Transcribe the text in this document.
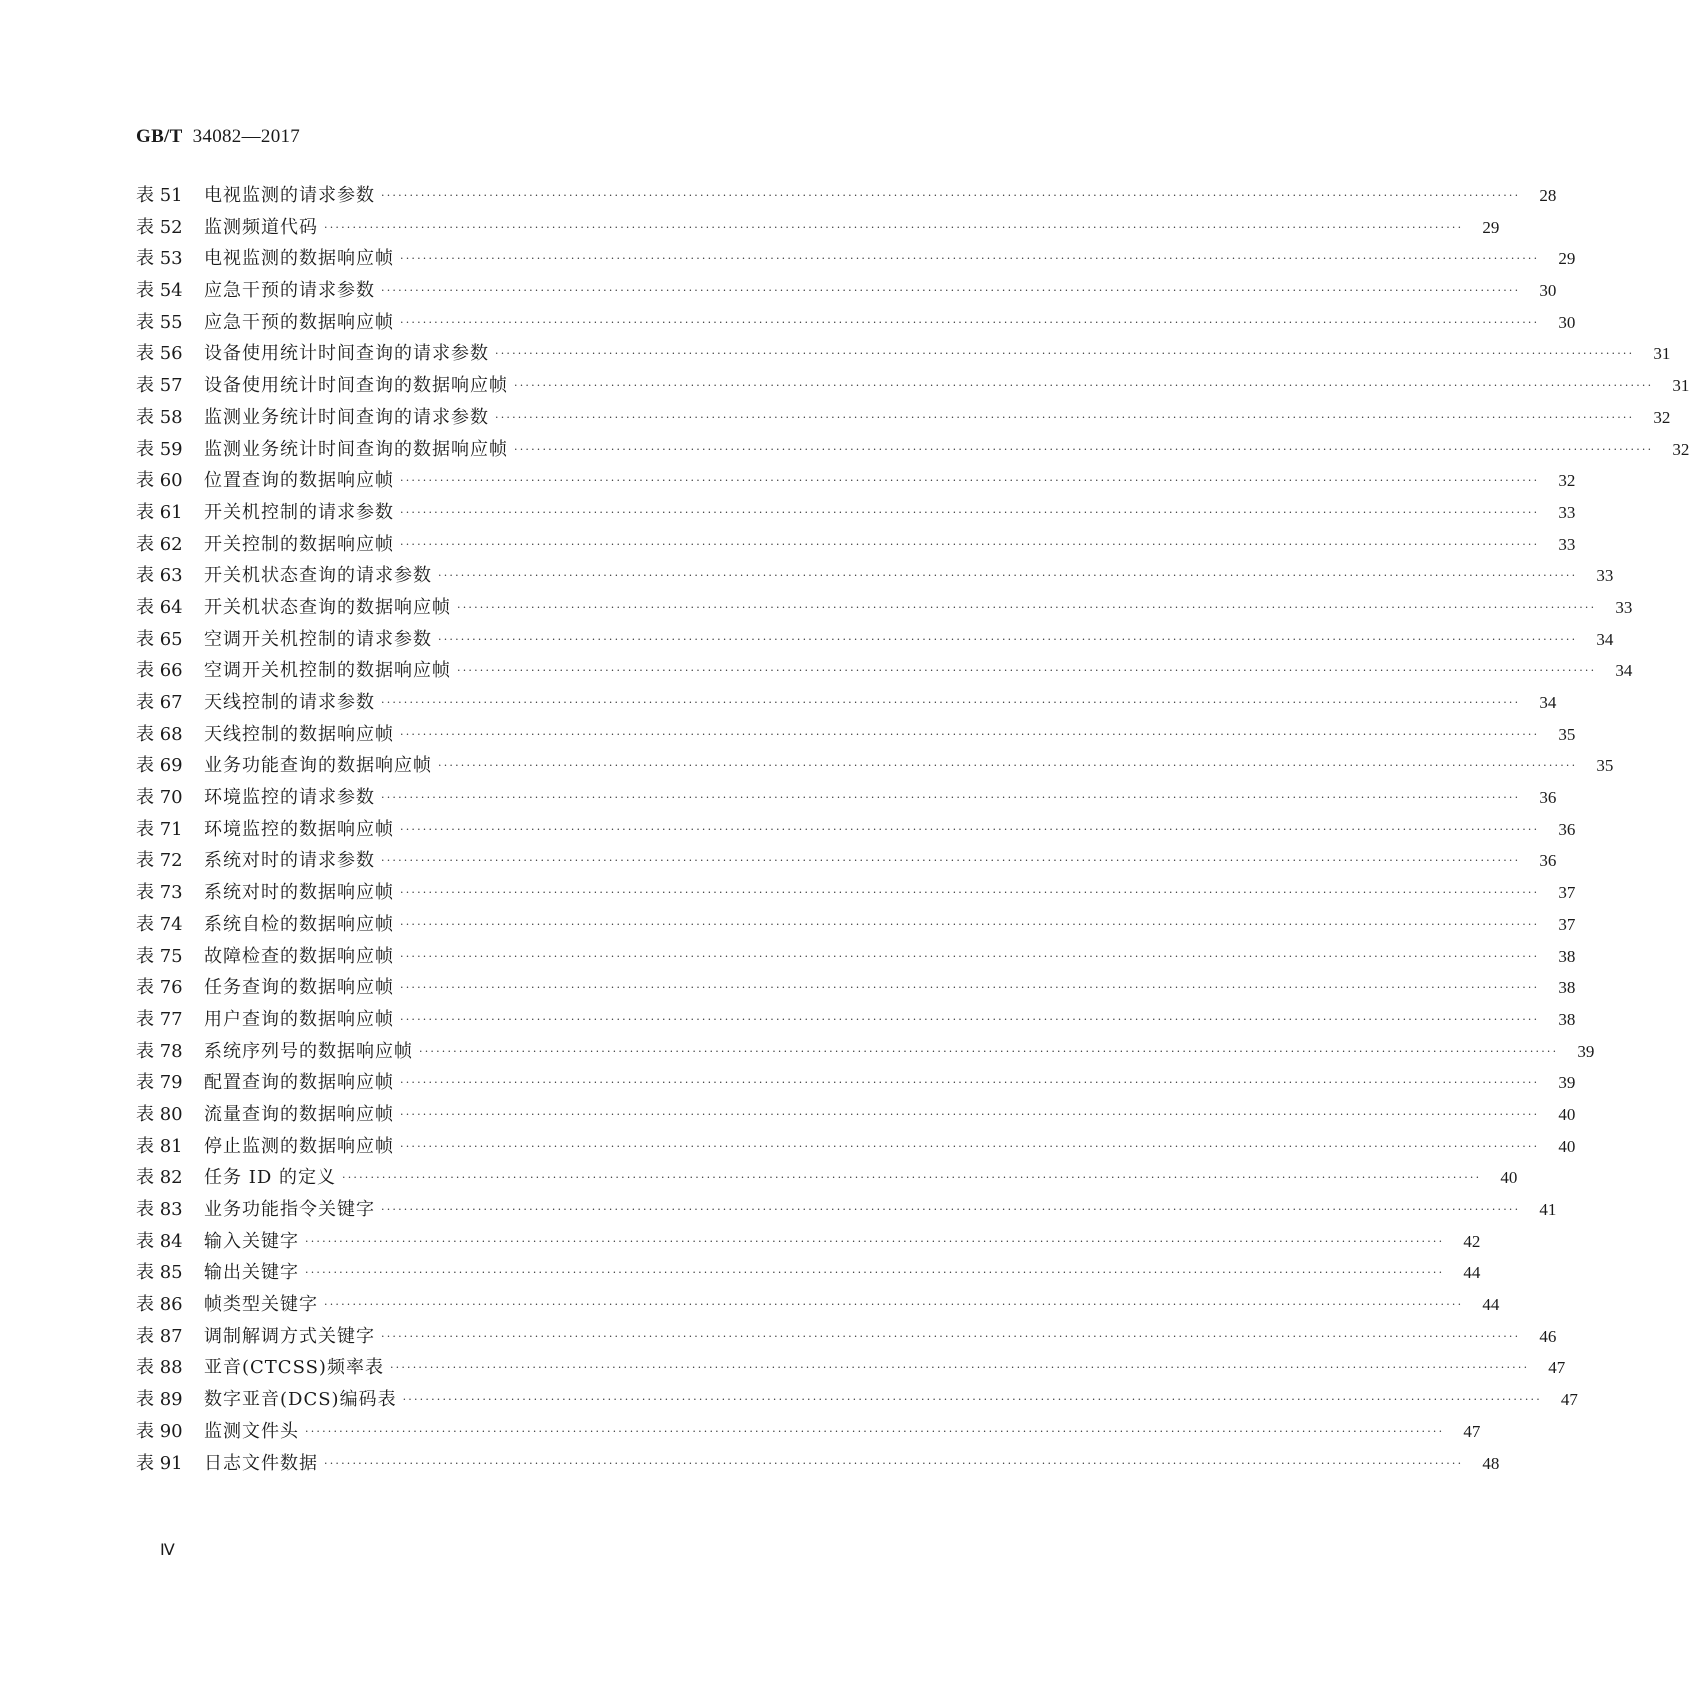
GB/T 34082—2017
表 51	电视监测的请求参数 ········································································································································································································	28
表 52	监测频道代码 ········································································································································································································	29
表 53	电视监测的数据响应帧 ········································································································································································································	29
表 54	应急干预的请求参数 ········································································································································································································	30
表 55	应急干预的数据响应帧 ········································································································································································································	30
表 56	设备使用统计时间查询的请求参数 ········································································································································································································	31
表 57	设备使用统计时间查询的数据响应帧 ········································································································································································································	31
表 58	监测业务统计时间查询的请求参数 ········································································································································································································	32
表 59	监测业务统计时间查询的数据响应帧 ········································································································································································································	32
表 60	位置查询的数据响应帧 ········································································································································································································	32
表 61	开关机控制的请求参数 ········································································································································································································	33
表 62	开关控制的数据响应帧 ········································································································································································································	33
表 63	开关机状态查询的请求参数 ········································································································································································································	33
表 64	开关机状态查询的数据响应帧 ········································································································································································································	33
表 65	空调开关机控制的请求参数 ········································································································································································································	34
表 66	空调开关机控制的数据响应帧 ········································································································································································································	34
表 67	天线控制的请求参数 ········································································································································································································	34
表 68	天线控制的数据响应帧 ········································································································································································································	35
表 69	业务功能查询的数据响应帧 ········································································································································································································	35
表 70	环境监控的请求参数 ········································································································································································································	36
表 71	环境监控的数据响应帧 ········································································································································································································	36
表 72	系统对时的请求参数 ········································································································································································································	36
表 73	系统对时的数据响应帧 ········································································································································································································	37
表 74	系统自检的数据响应帧 ········································································································································································································	37
表 75	故障检查的数据响应帧 ········································································································································································································	38
表 76	任务查询的数据响应帧 ········································································································································································································	38
表 77	用户查询的数据响应帧 ········································································································································································································	38
表 78	系统序列号的数据响应帧 ········································································································································································································	39
表 79	配置查询的数据响应帧 ········································································································································································································	39
表 80	流量查询的数据响应帧 ········································································································································································································	40
表 81	停止监测的数据响应帧 ········································································································································································································	40
表 82	任务 ID 的定义 ········································································································································································································	40
表 83	业务功能指令关键字 ········································································································································································································	41
表 84	输入关键字 ········································································································································································································	42
表 85	输出关键字 ········································································································································································································	44
表 86	帧类型关键字 ········································································································································································································	44
表 87	调制解调方式关键字 ········································································································································································································	46
表 88	亚音(CTCSS)频率表 ········································································································································································································	47
表 89	数字亚音(DCS)编码表 ········································································································································································································	47
表 90	监测文件头 ········································································································································································································	47
表 91	日志文件数据 ········································································································································································································	48
Ⅳ
